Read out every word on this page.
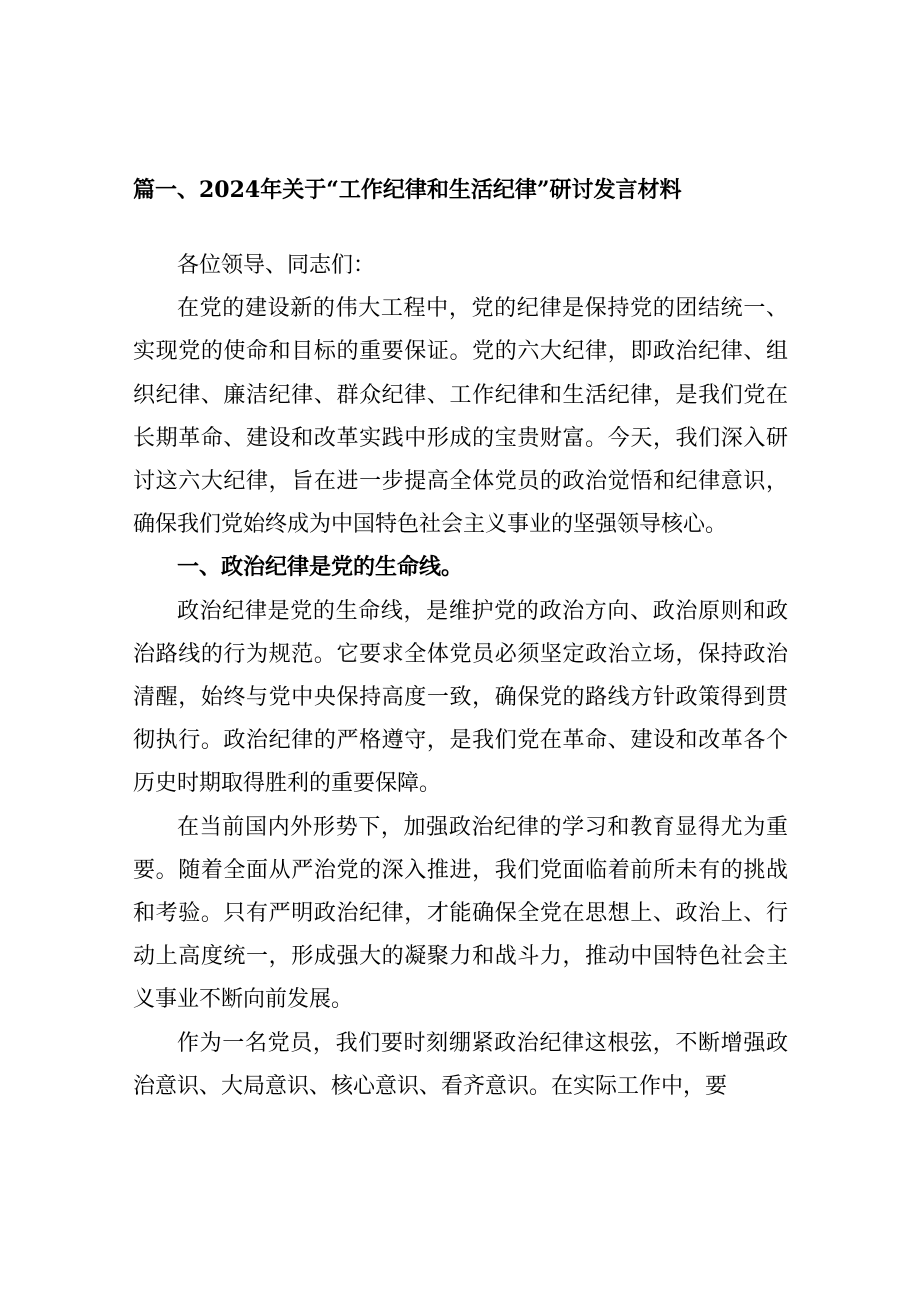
篇一、2024年关于“工作纪律和生活纪律”研讨发言材料

各位领导、同志们：

在党的建设新的伟大工程中，党的纪律是保持党的团结统一、实现党的使命和目标的重要保证。党的六大纪律，即政治纪律、组织纪律、廉洁纪律、群众纪律、工作纪律和生活纪律，是我们党在长期革命、建设和改革实践中形成的宝贵财富。今天，我们深入研讨这六大纪律，旨在进一步提高全体党员的政治觉悟和纪律意识，确保我们党始终成为中国特色社会主义事业的坚强领导核心。

一、政治纪律是党的生命线。

政治纪律是党的生命线，是维护党的政治方向、政治原则和政治路线的行为规范。它要求全体党员必须坚定政治立场，保持政治清醒，始终与党中央保持高度一致，确保党的路线方针政策得到贯彻执行。政治纪律的严格遵守，是我们党在革命、建设和改革各个历史时期取得胜利的重要保障。

在当前国内外形势下，加强政治纪律的学习和教育显得尤为重要。随着全面从严治党的深入推进，我们党面临着前所未有的挑战和考验。只有严明政治纪律，才能确保全党在思想上、政治上、行动上高度统一，形成强大的凝聚力和战斗力，推动中国特色社会主义事业不断向前发展。

作为一名党员，我们要时刻绷紧政治纪律这根弦，不断增强政治意识、大局意识、核心意识、看齐意识。在实际工作中，要
